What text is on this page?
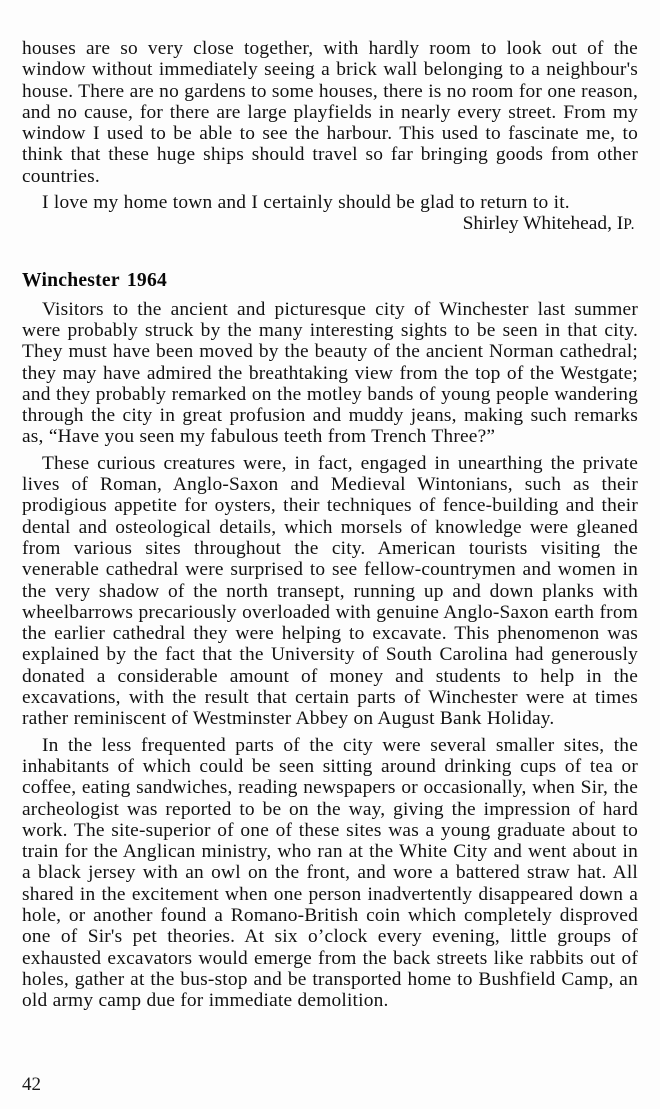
houses are so very close together, with hardly room to look out of the window without immediately seeing a brick wall belonging to a neighbour's house. There are no gardens to some houses, there is no room for one reason, and no cause, for there are large playfields in nearly every street. From my window I used to be able to see the harbour. This used to fascinate me, to think that these huge ships should travel so far bringing goods from other countries.

I love my home town and I certainly should be glad to return to it.

Shirley Whitehead, IP.

Winchester 1964

Visitors to the ancient and picturesque city of Winchester last summer were probably struck by the many interesting sights to be seen in that city. They must have been moved by the beauty of the ancient Norman cathedral; they may have admired the breathtaking view from the top of the Westgate; and they probably remarked on the motley bands of young people wandering through the city in great profusion and muddy jeans, making such remarks as, “Have you seen my fabulous teeth from Trench Three?”

These curious creatures were, in fact, engaged in unearthing the private lives of Roman, Anglo-Saxon and Medieval Wintonians, such as their prodigious appetite for oysters, their techniques of fence-building and their dental and osteological details, which morsels of knowledge were gleaned from various sites throughout the city. American tourists visiting the venerable cathedral were surprised to see fellow-countrymen and women in the very shadow of the north transept, running up and down planks with wheelbarrows precariously overloaded with genuine Anglo-Saxon earth from the earlier cathedral they were helping to excavate. This phenomenon was explained by the fact that the University of South Carolina had generously donated a considerable amount of money and students to help in the excavations, with the result that certain parts of Winchester were at times rather reminiscent of Westminster Abbey on August Bank Holiday.

In the less frequented parts of the city were several smaller sites, the inhabitants of which could be seen sitting around drinking cups of tea or coffee, eating sandwiches, reading newspapers or occasionally, when Sir, the archeologist was reported to be on the way, giving the impression of hard work. The site-superior of one of these sites was a young graduate about to train for the Anglican ministry, who ran at the White City and went about in a black jersey with an owl on the front, and wore a battered straw hat. All shared in the excitement when one person inadvertently disappeared down a hole, or another found a Romano-British coin which completely disproved one of Sir's pet theories. At six o’clock every evening, little groups of exhausted excavators would emerge from the back streets like rabbits out of holes, gather at the bus-stop and be transported home to Bushfield Camp, an old army camp due for immediate demolition.

42
